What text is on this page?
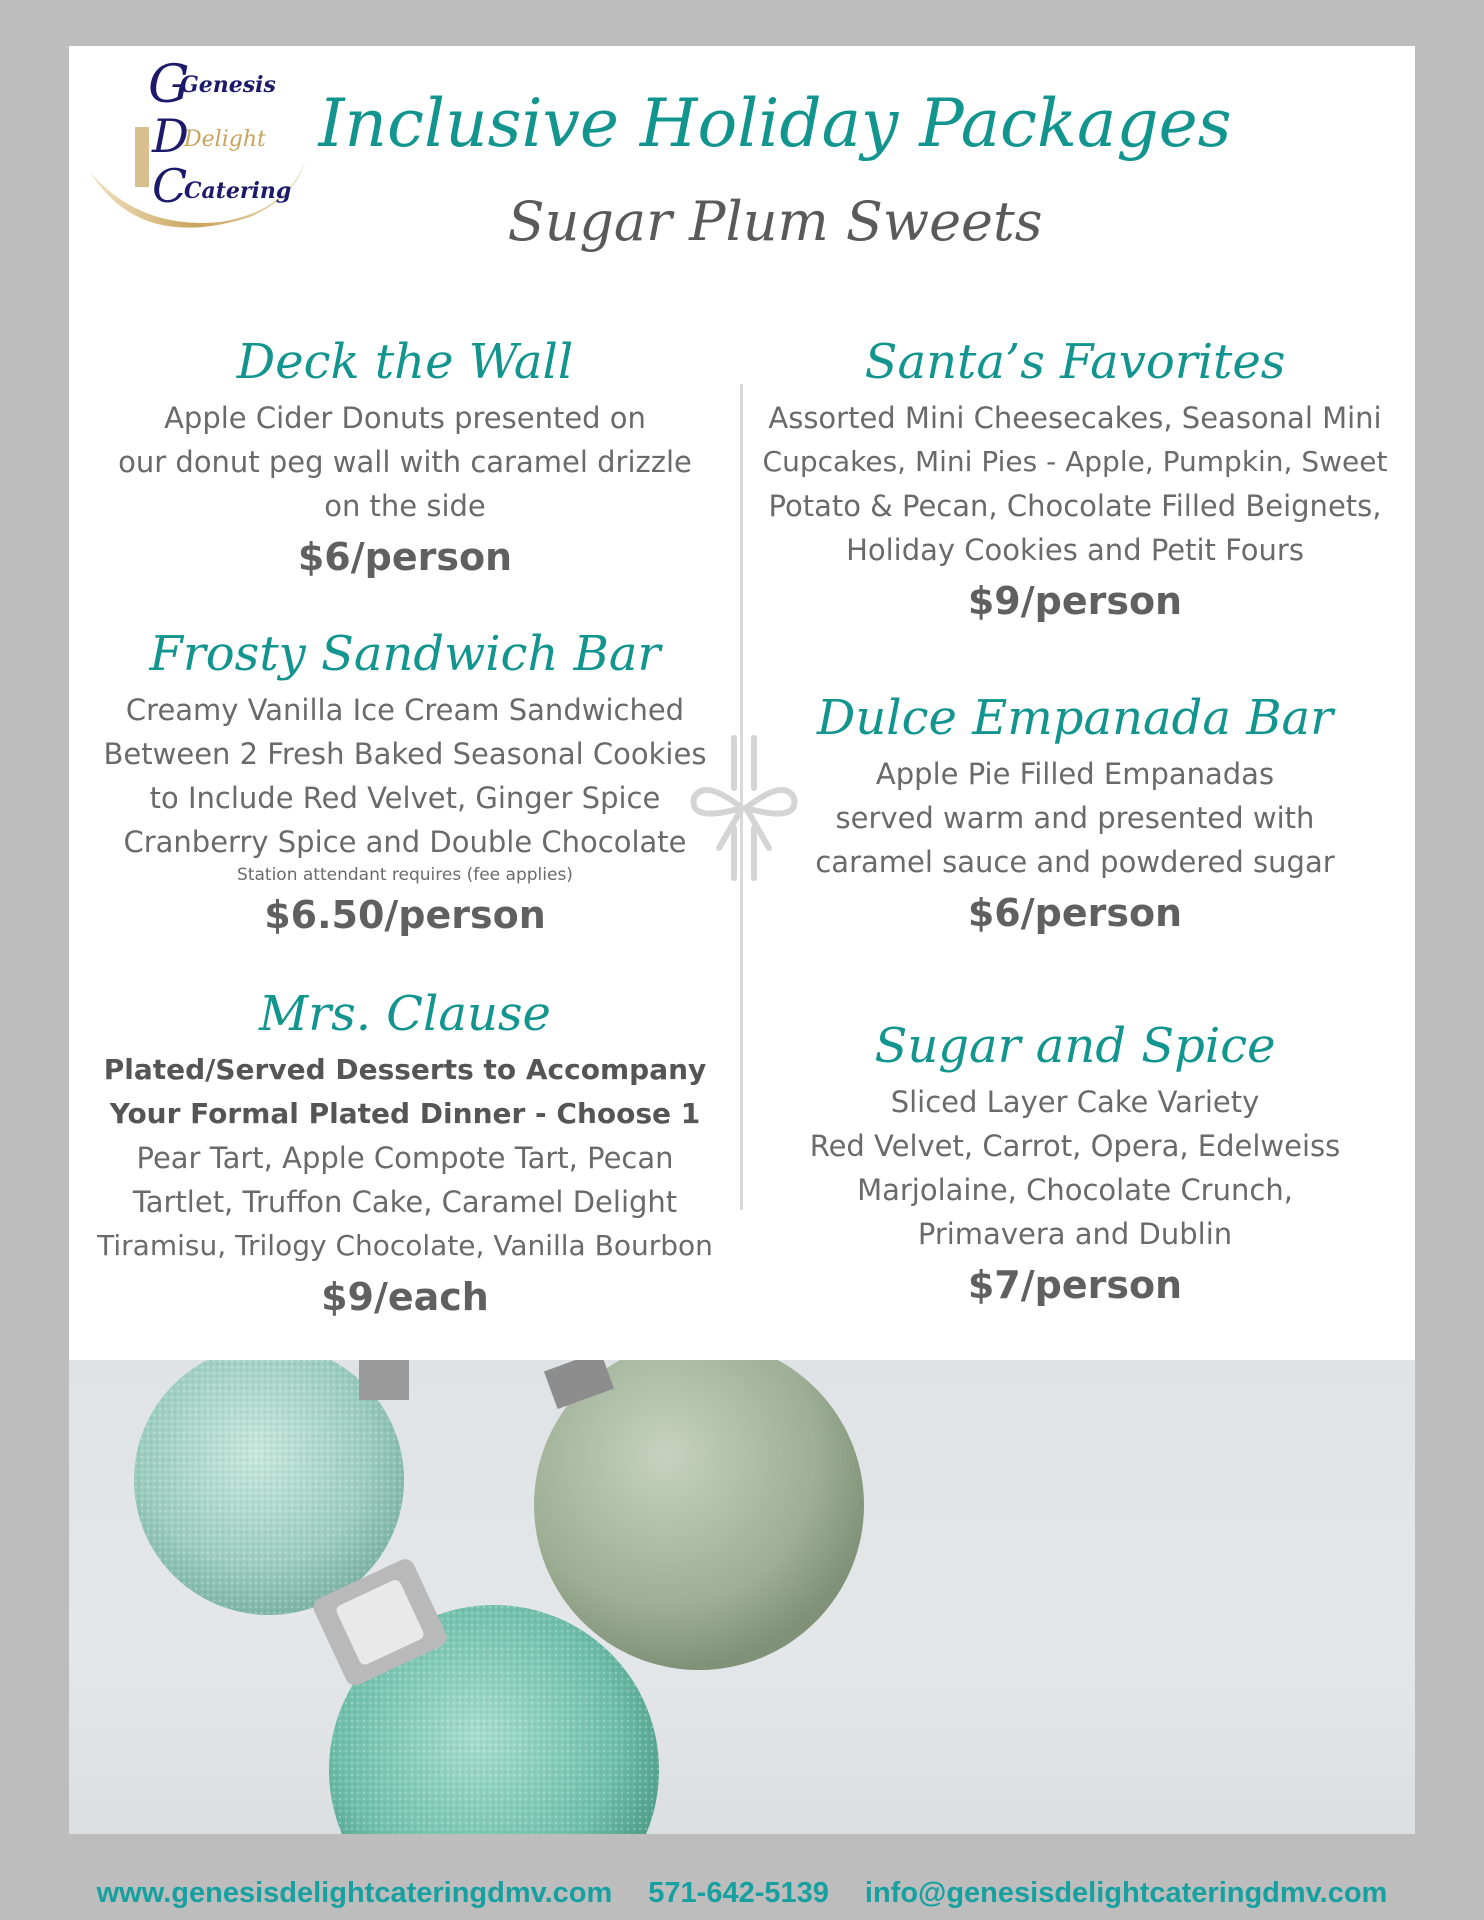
G
Genesis
D
Delight
C
Catering
Inclusive Holiday Packages
Sugar Plum Sweets
Deck the Wall
Apple Cider Donuts presented on
our donut peg wall with caramel drizzle
on the side
$6/person
Frosty Sandwich Bar
Creamy Vanilla Ice Cream Sandwiched
Between 2 Fresh Baked Seasonal Cookies
to Include Red Velvet, Ginger Spice
Cranberry Spice and Double Chocolate
Station attendant requires (fee applies)
$6.50/person
Mrs. Clause
Plated/Served Desserts to Accompany
Your Formal Plated Dinner - Choose 1
Pear Tart, Apple Compote Tart, Pecan
Tartlet, Truffon Cake, Caramel Delight
Tiramisu, Trilogy Chocolate, Vanilla Bourbon
$9/each
Santa’s Favorites
Assorted Mini Cheesecakes, Seasonal Mini
Cupcakes, Mini Pies - Apple, Pumpkin, Sweet
Potato & Pecan, Chocolate Filled Beignets,
Holiday Cookies and Petit Fours
$9/person
Dulce Empanada Bar
Apple Pie Filled Empanadas
served warm and presented with
caramel sauce and powdered sugar
$6/person
Sugar and Spice
Sliced Layer Cake Variety
Red Velvet, Carrot, Opera, Edelweiss
Marjolaine, Chocolate Crunch,
Primavera and Dublin
$7/person
www.genesisdelightcateringdmv.com 571-642-5139 info@genesisdelightcateringdmv.com
